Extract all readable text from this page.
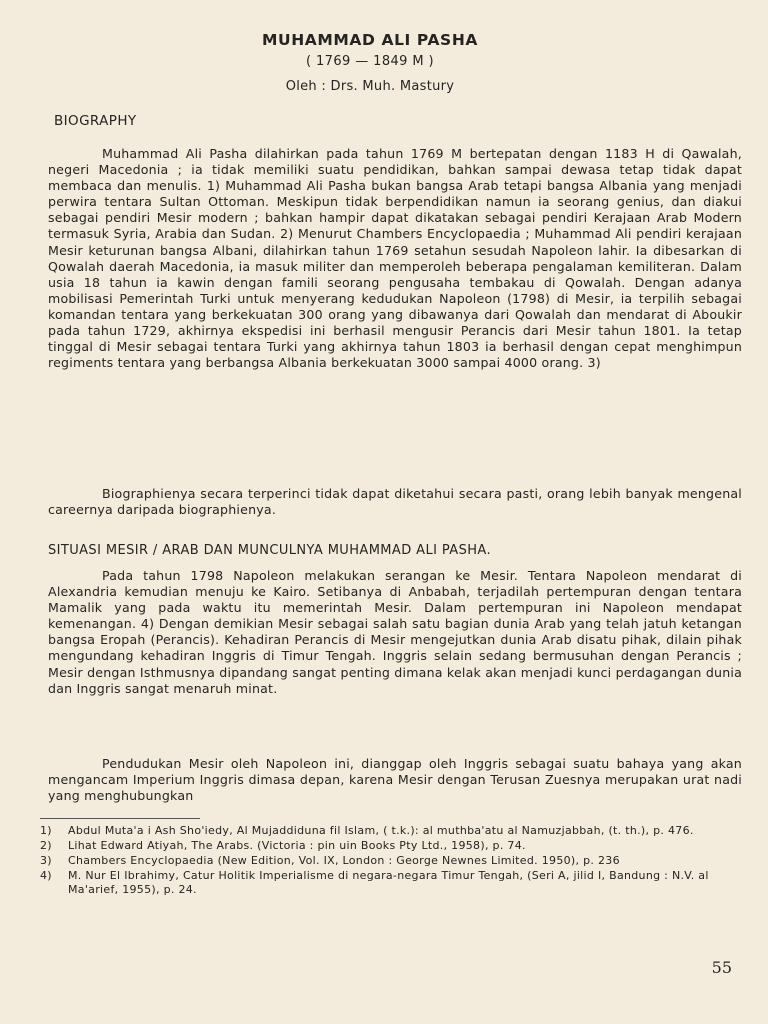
MUHAMMAD ALI PASHA
( 1769 — 1849 M )
Oleh : Drs. Muh. Mastury
BIOGRAPHY

Muhammad Ali Pasha dilahirkan pada tahun 1769 M bertepatan dengan 1183 H di Qawalah, negeri Macedonia ; ia tidak memiliki suatu pendidikan, bahkan sampai dewasa tetap tidak dapat membaca dan menulis. 1) Muhammad Ali Pasha bukan bangsa Arab tetapi bangsa Albania yang menjadi perwira tentara Sultan Ottoman. Meskipun tidak berpendidikan namun ia seorang genius, dan diakui sebagai pendiri Mesir modern ; bahkan hampir dapat dikatakan sebagai pendiri Kerajaan Arab Modern termasuk Syria, Arabia dan Sudan. 2) Menurut Chambers Encyclopaedia ; Muhammad Ali pendiri kerajaan Mesir keturunan bangsa Albani, dilahirkan tahun 1769 setahun sesudah Napoleon lahir. Ia dibesarkan di Qowalah daerah Macedonia, ia masuk militer dan memperoleh beberapa pengalaman kemiliteran. Dalam usia 18 tahun ia kawin dengan famili seorang pengusaha tembakau di Qowalah. Dengan adanya mobilisasi Pemerintah Turki untuk menyerang kedudukan Napoleon (1798) di Mesir, ia terpilih sebagai komandan tentara yang berkekuatan 300 orang yang dibawanya dari Qowalah dan mendarat di Aboukir pada tahun 1729, akhirnya ekspedisi ini berhasil mengusir Perancis dari Mesir tahun 1801. Ia tetap tinggal di Mesir sebagai tentara Turki yang akhirnya tahun 1803 ia berhasil dengan cepat menghimpun regiments tentara yang berbangsa Albania berkekuatan 3000 sampai 4000 orang. 3)

Biographienya secara terperinci tidak dapat diketahui secara pasti, orang lebih banyak mengenal careernya daripada biographienya.

SITUASI MESIR / ARAB DAN MUNCULNYA MUHAMMAD ALI PASHA.

Pada tahun 1798 Napoleon melakukan serangan ke Mesir. Tentara Napoleon mendarat di Alexandria kemudian menuju ke Kairo. Setibanya di Anbabah, terjadilah pertempuran dengan tentara Mamalik yang pada waktu itu memerintah Mesir. Dalam pertempuran ini Napoleon mendapat kemenangan. 4) Dengan demikian Mesir sebagai salah satu bagian dunia Arab yang telah jatuh ketangan bangsa Eropah (Perancis). Kehadiran Perancis di Mesir mengejutkan dunia Arab disatu pihak, dilain pihak mengundang kehadiran Inggris di Timur Tengah. Inggris selain sedang bermusuhan dengan Perancis ; Mesir dengan Isthmusnya dipandang sangat penting dimana kelak akan menjadi kunci perdagangan dunia dan Inggris sangat menaruh minat.

Pendudukan Mesir oleh Napoleon ini, dianggap oleh Inggris sebagai suatu bahaya yang akan mengancam Imperium Inggris dimasa depan, karena Mesir dengan Terusan Zuesnya merupakan urat nadi yang menghubungkan

1)	Abdul Muta'a i Ash Sho'iedy, Al Mujaddiduna fil Islam, ( t.k.): al muthba'atu al Namuzjabbah, (t. th.), p. 476.
2)	Lihat Edward Atiyah, The Arabs. (Victoria : pin uin Books Pty Ltd., 1958), p. 74.
3)	Chambers Encyclopaedia (New Edition, Vol. IX, London : George Newnes Limited. 1950), p. 236
4)	M. Nur El Ibrahimy, Catur Holitik Imperialisme di negara-negara Timur Tengah, (Seri A, jilid I, Bandung : N.V. al Ma'arief, 1955), p. 24.
55
